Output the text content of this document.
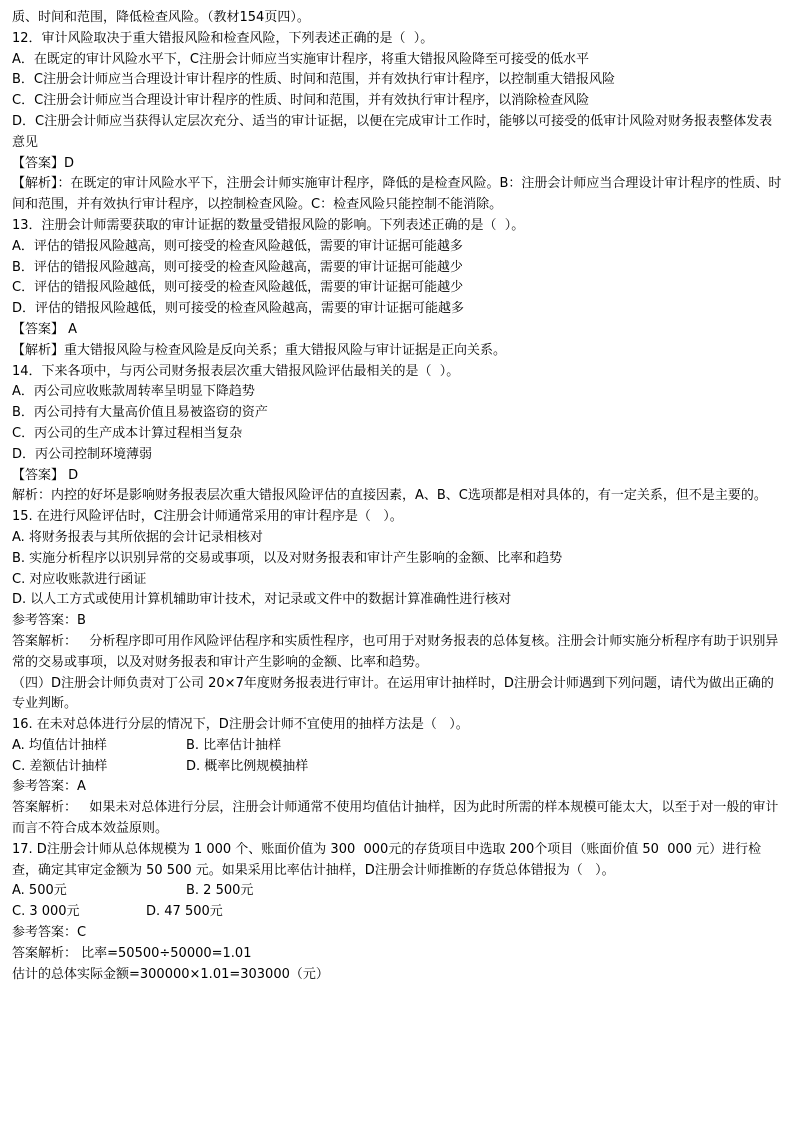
质、时间和范围，降低检查风险。（教材154页四）。

12．审计风险取决于重大错报风险和检查风险，下列表述正确的是（  ）。

A．在既定的审计风险水平下，C注册会计师应当实施审计程序，将重大错报风险降至可接受的低水平

B．C注册会计师应当合理设计审计程序的性质、时间和范围，并有效执行审计程序，以控制重大错报风险

C．C注册会计师应当合理设计审计程序的性质、时间和范围，并有效执行审计程序，以消除检查风险

D．C注册会计师应当获得认定层次充分、适当的审计证据，以便在完成审计工作时，能够以可接受的低审计风险对财务报表整体发表意见

【答案】D

【解析】：在既定的审计风险水平下，注册会计师实施审计程序，降低的是检查风险。B：注册会计师应当合理设计审计程序的性质、时间和范围，并有效执行审计程序，以控制检查风险。C：检查风险只能控制不能消除。

13．注册会计师需要获取的审计证据的数量受错报风险的影响。下列表述正确的是（  ）。

A．评估的错报风险越高，则可接受的检查风险越低，需要的审计证据可能越多

B．评估的错报风险越高，则可接受的检查风险越高，需要的审计证据可能越少

C．评估的错报风险越低，则可接受的检查风险越低，需要的审计证据可能越少

D．评估的错报风险越低，则可接受的检查风险越高，需要的审计证据可能越多

【答案】 A

【解析】重大错报风险与检查风险是反向关系；重大错报风险与审计证据是正向关系。

14．下来各项中，与丙公司财务报表层次重大错报风险评估最相关的是（  ）。

A．丙公司应收账款周转率呈明显下降趋势

B．丙公司持有大量高价值且易被盗窃的资产

C．丙公司的生产成本计算过程相当复杂

D．丙公司控制环境薄弱

【答案】 D

解析：内控的好坏是影响财务报表层次重大错报风险评估的直接因素，A、B、C选项都是相对具体的，有一定关系，但不是主要的。

15. 在进行风险评估时，C注册会计师通常采用的审计程序是（   ）。

A. 将财务报表与其所依据的会计记录相核对

B. 实施分析程序以识别异常的交易或事项，以及对财务报表和审计产生影响的金额、比率和趋势

C. 对应收账款进行函证

D. 以人工方式或使用计算机辅助审计技术，对记录或文件中的数据计算准确性进行核对

参考答案：B

答案解析：   分析程序即可用作风险评估程序和实质性程序，也可用于对财务报表的总体复核。注册会计师实施分析程序有助于识别异常的交易或事项，以及对财务报表和审计产生影响的金额、比率和趋势。

（四）D注册会计师负责对丁公司 20×7年度财务报表进行审计。在运用审计抽样时，D注册会计师遇到下列问题，请代为做出正确的专业判断。

16. 在未对总体进行分层的情况下，D注册会计师不宜使用的抽样方法是（   ）。

A. 均值估计抽样	B. 比率估计抽样

C. 差额估计抽样	D. 概率比例规模抽样

参考答案：A

答案解析：   如果未对总体进行分层，注册会计师通常不使用均值估计抽样，因为此时所需的样本规模可能太大，以至于对一般的审计而言不符合成本效益原则。

17. D注册会计师从总体规模为 1 000 个、账面价值为 300  000元的存货项目中选取 200个项目（账面价值 50  000 元）进行检查，确定其审定金额为 50 500 元。如果采用比率估计抽样，D注册会计师推断的存货总体错报为（   ）。

A. 500元	B. 2 500元

C. 3 000元	D. 47 500元

参考答案：C

答案解析： 比率=50500÷50000=1.01

估计的总体实际金额=300000×1.01=303000（元）
